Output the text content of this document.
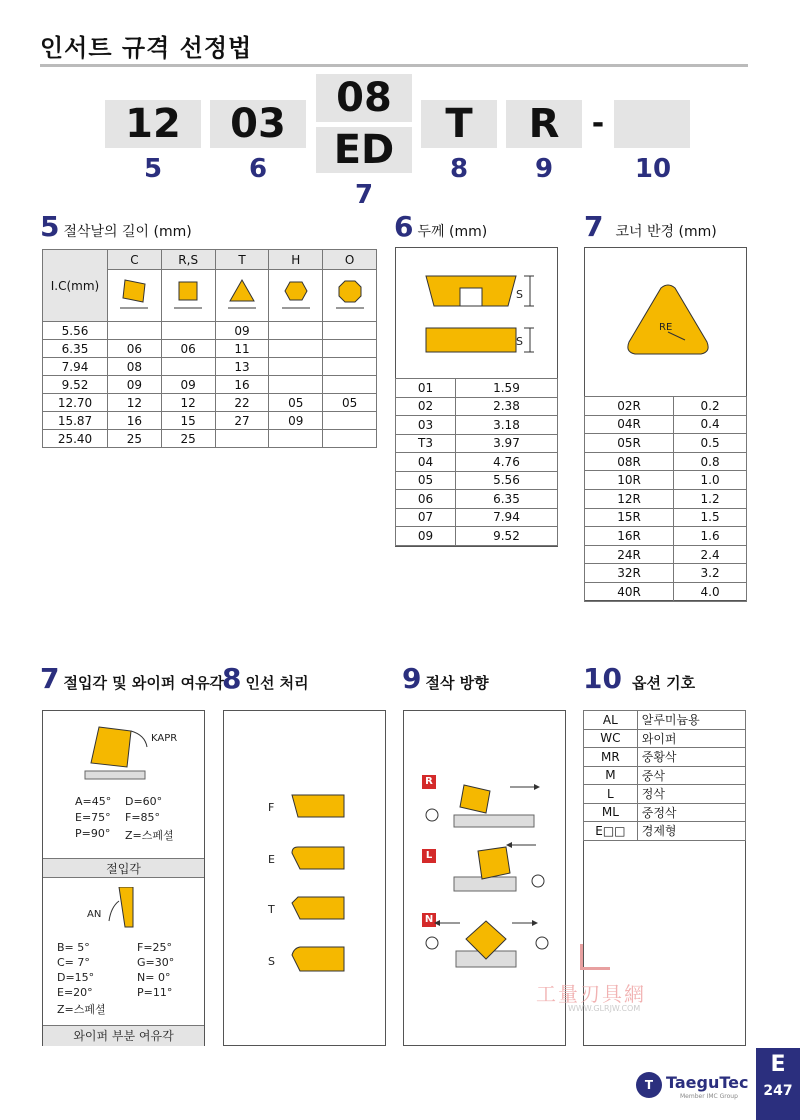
인서트 규격 선정법
12	03
08
ED
T	R	-
5	6
7
8	9	10
5 절삭날의 길이 (mm)
I.C(mm)	C	R,S	T	H	O

5.56			09		
6.35	06	06	11		
7.94	08		13		
9.52	09	09	16		
12.70	12	12	22	05	05
15.87	16	15	27	09	
25.40	25	25			
6 두께 (mm)
S
S
01	1.59
02	2.38
03	3.18
T3	3.97
04	4.76
05	5.56
06	6.35
07	7.94
09	9.52
7 코너 반경 (mm)
RE
02R	0.2
04R	0.4
05R	0.5
08R	0.8
10R	1.0
12R	1.2
15R	1.5
16R	1.6
24R	2.4
32R	3.2
40R	4.0
7 절입각 및 와이퍼 여유각
KAPR
A=45° D=60°
E=75° F=85°
P=90° Z=스페셜
절입각
AN
B= 5°	F=25°
C= 7°	G=30°
D=15°	N= 0°
E=20°	P=11°
Z=스페셜
와이퍼 부분 여유각
8 인선 처리
F
E
T
S
9 절삭 방향
R
L
N
10 옵션 기호
AL	알루미늄용
WC	와이퍼
MR	중황삭
M	중삭
L	정삭
ML	중정삭
E□□	경제형
工量刃具網
WWW.GLRJW.COM
T TaeguTec
Member IMC Group
E
247
